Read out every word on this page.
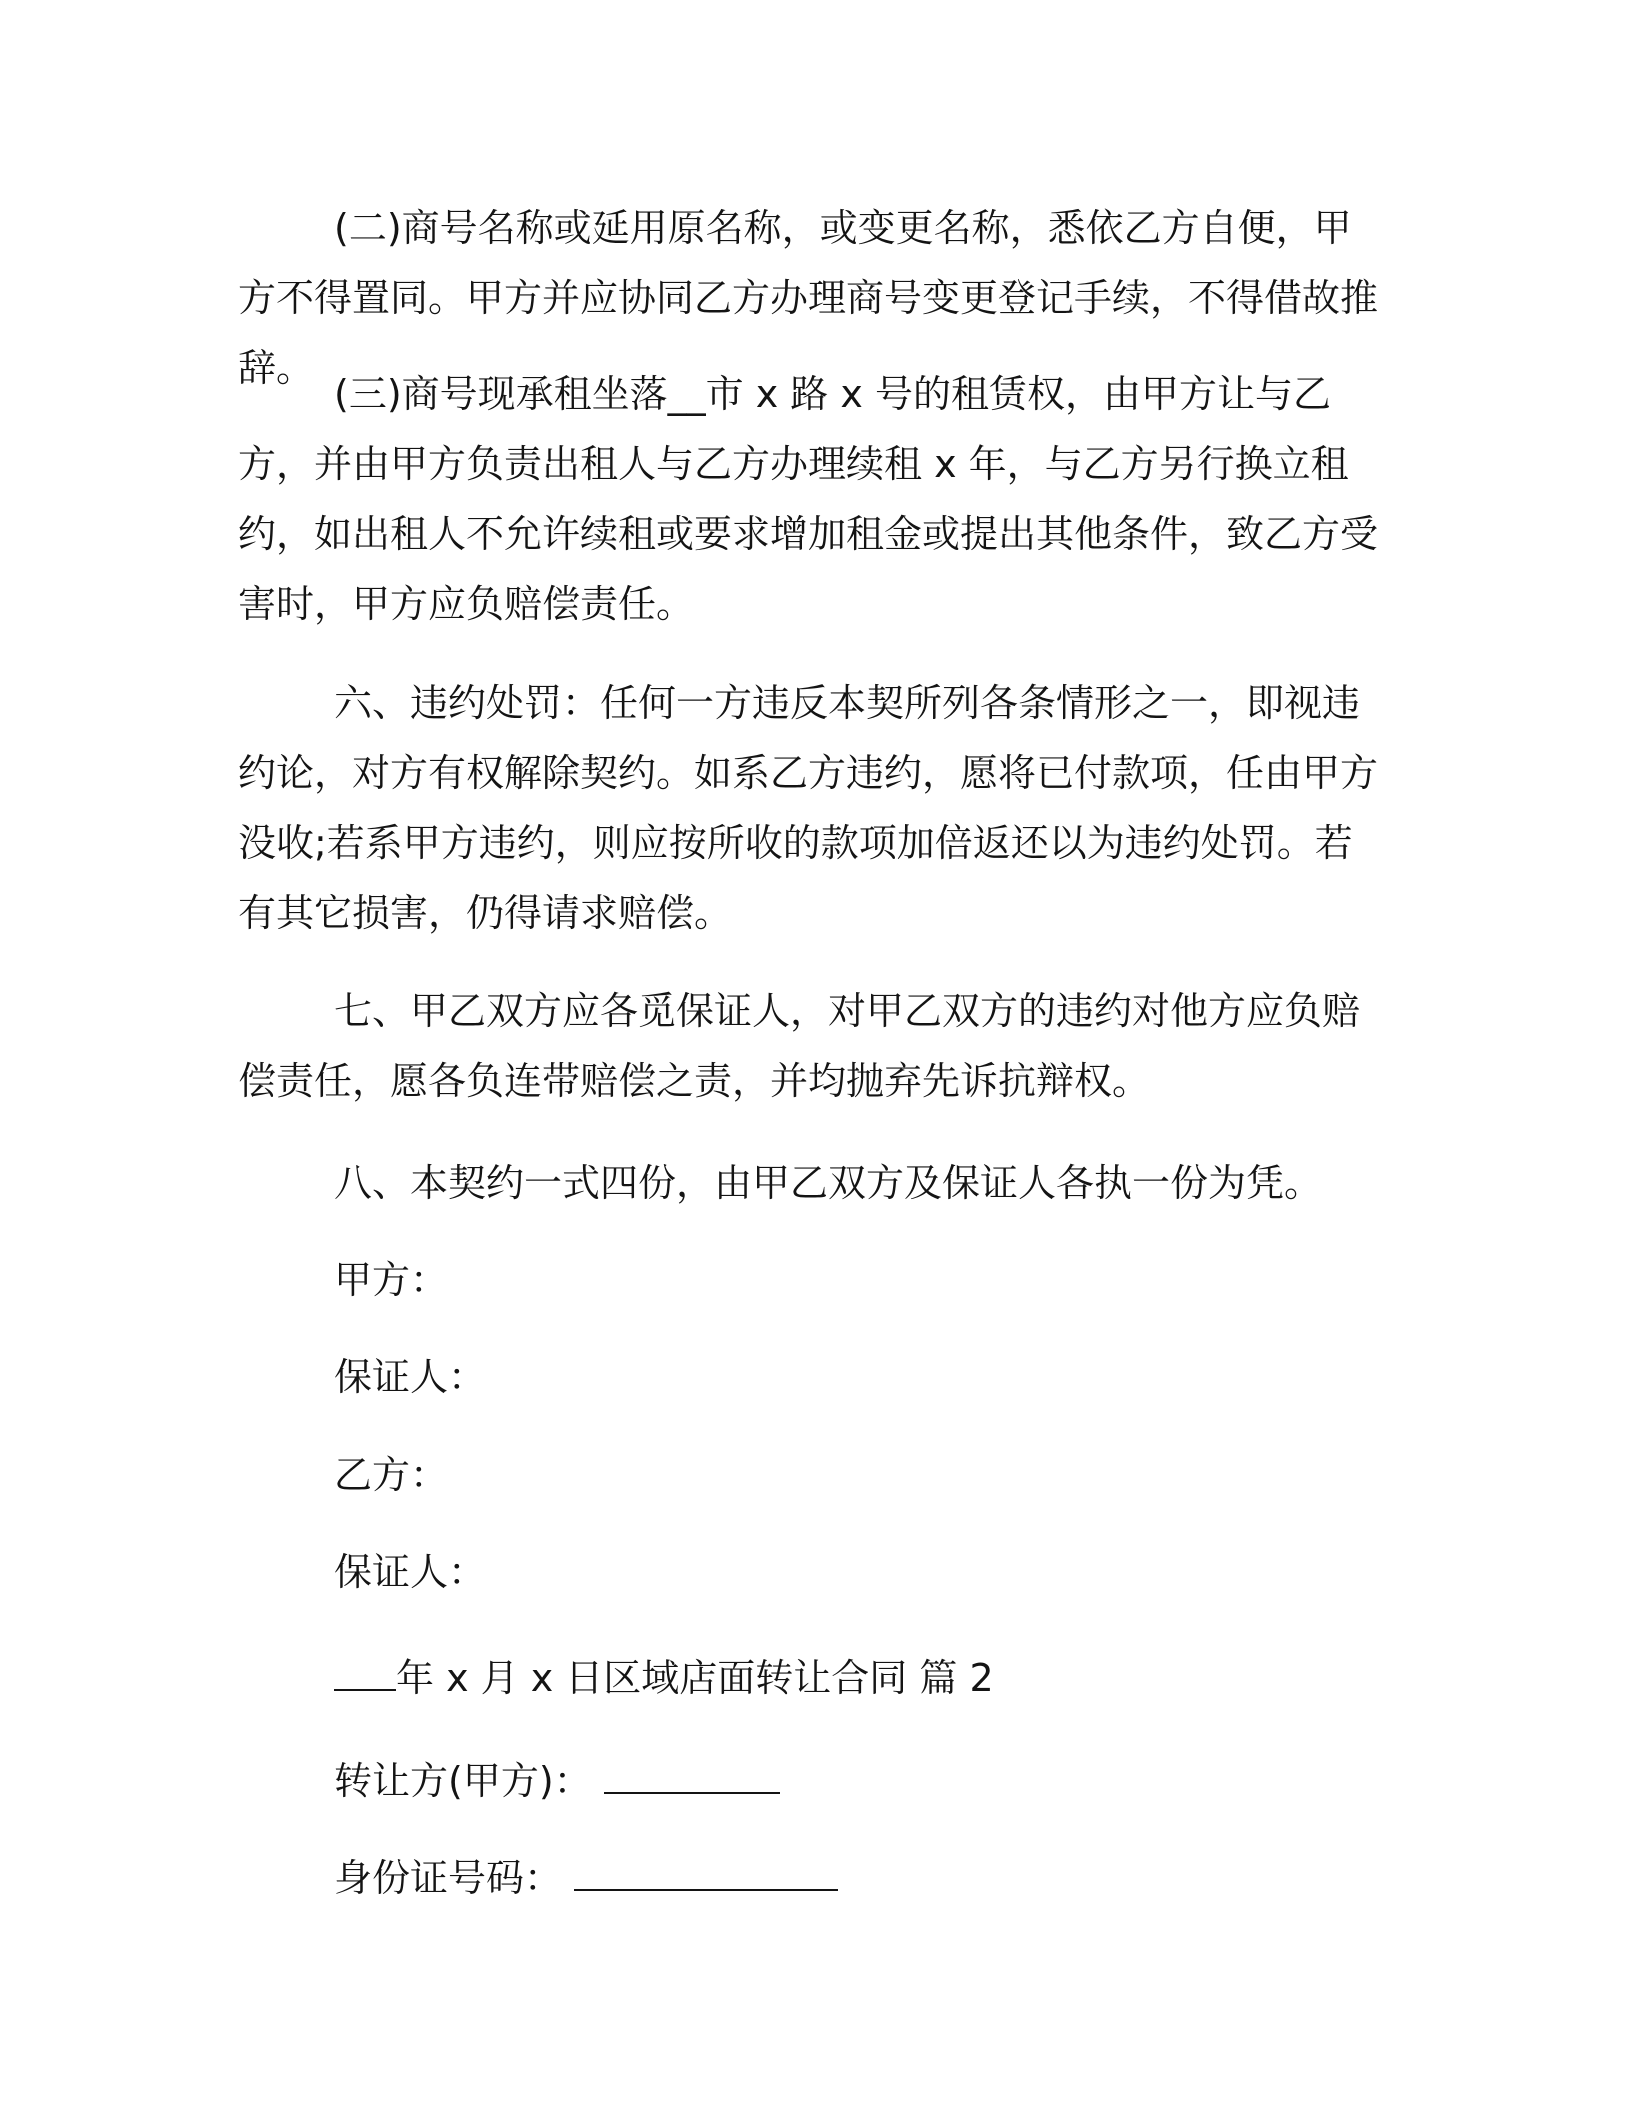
(二)商号名称或延用原名称，或变更名称，悉依乙方自便，甲方不得置同。甲方并应协同乙方办理商号变更登记手续，不得借故推辞。

(三)商号现承租坐落__市 x 路 x 号的租赁权，由甲方让与乙方，并由甲方负责出租人与乙方办理续租 x 年，与乙方另行换立租约，如出租人不允许续租或要求增加租金或提出其他条件，致乙方受害时，甲方应负赔偿责任。

六、违约处罚：任何一方违反本契所列各条情形之一，即视违约论，对方有权解除契约。如系乙方违约，愿将已付款项，任由甲方没收;若系甲方违约，则应按所收的款项加倍返还以为违约处罚。若有其它损害，仍得请求赔偿。

七、甲乙双方应各觅保证人，对甲乙双方的违约对他方应负赔偿责任，愿各负连带赔偿之责，并均抛弃先诉抗辩权。

八、本契约一式四份，由甲乙双方及保证人各执一份为凭。

甲方：

保证人：

乙方：

保证人：

年 x 月 x 日区域店面转让合同 篇 2

转让方(甲方)：

身份证号码：
